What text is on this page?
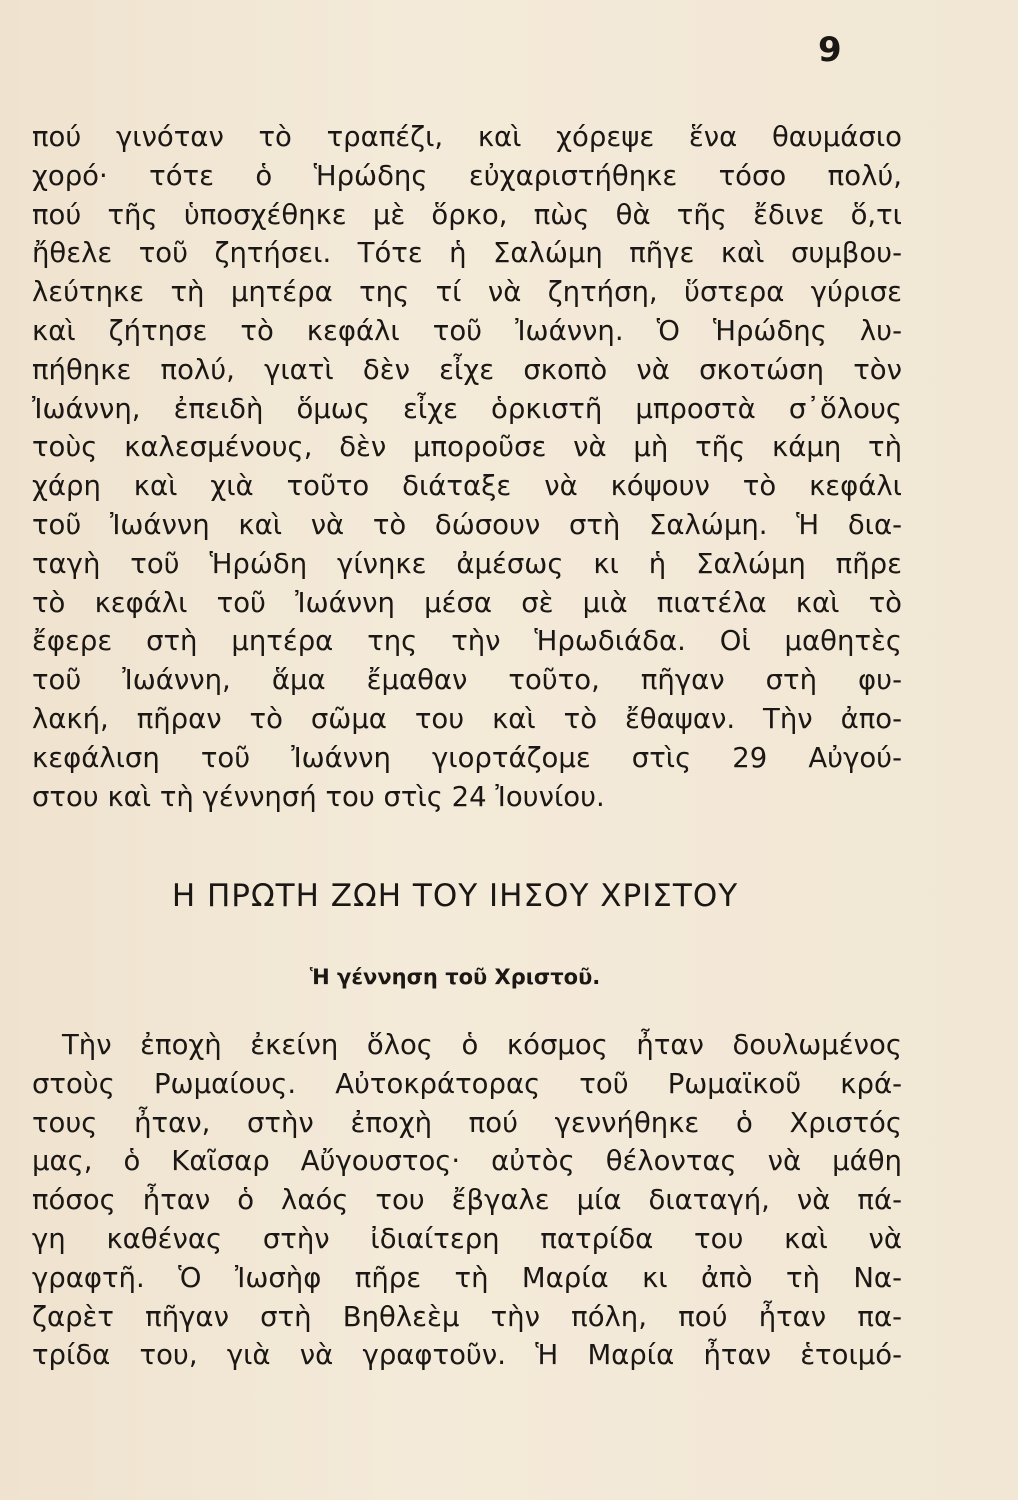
9
πού γινόταν τὸ τραπέζι, καὶ χόρεψε ἕνα θαυμάσιο
χορό· τότε ὁ Ἡρώδης εὐχαριστήθηκε τόσο πολύ,
πού τῆς ὑποσχέθηκε μὲ ὅρκο, πὼς θὰ τῆς ἔδινε ὅ,τι
ἤθελε τοῦ ζητήσει. Τότε ἡ Σαλώμη πῆγε καὶ συμβου-
λεύτηκε τὴ μητέρα της τί νὰ ζητήση, ὕστερα γύρισε
καὶ ζήτησε τὸ κεφάλι τοῦ Ἰωάννη. Ὁ Ἡρώδης λυ-
πήθηκε πολύ, γιατὶ δὲν εἶχε σκοπὸ νὰ σκοτώση τὸν
Ἰωάννη, ἐπειδὴ ὅμως εἶχε ὁρκιστῆ μπροστὰ σ᾿ὅλους
τοὺς καλεσμένους, δὲν μποροῦσε νὰ μὴ τῆς κάμη τὴ
χάρη καὶ χιὰ τοῦτο διάταξε νὰ κόψουν τὸ κεφάλι
τοῦ Ἰωάννη καὶ νὰ τὸ δώσουν στὴ Σαλώμη. Ἡ δια-
ταγὴ τοῦ Ἡρώδη γίνηκε ἀμέσως κι ἡ Σαλώμη πῆρε
τὸ κεφάλι τοῦ Ἰωάννη μέσα σὲ μιὰ πιατέλα καὶ τὸ
ἔφερε στὴ μητέρα της τὴν Ἡρωδιάδα. Οἱ μαθητὲς
τοῦ Ἰωάννη, ἅμα ἔμαθαν τοῦτο, πῆγαν στὴ φυ-
λακή, πῆραν τὸ σῶμα του καὶ τὸ ἔθαψαν. Τὴν ἀπο-
κεφάλιση τοῦ Ἰωάννη γιορτάζομε στὶς 29 Αὐγού-
στου καὶ τὴ γέννησή του στὶς 24 Ἰουνίου.
Η ΠΡΩΤΗ ΖΩΗ ΤΟΥ ΙΗΣΟΥ ΧΡΙΣΤΟΥ
Ἡ γέννηση τοῦ Χριστοῦ.
Τὴν ἐποχὴ ἐκείνη ὅλος ὁ κόσμος ἦταν δουλωμένος
στοὺς Ρωμαίους. Αὐτοκράτορας τοῦ Ρωμαϊκοῦ κρά-
τους ἦταν, στὴν ἐποχὴ πού γεννήθηκε ὁ Χριστός
μας, ὁ Καῖσαρ Αὔγουστος· αὐτὸς θέλοντας νὰ μάθη
πόσος ἦταν ὁ λαός του ἔβγαλε μία διαταγή, νὰ πά-
γη καθένας στὴν ἰδιαίτερη πατρίδα του καὶ νὰ
γραφτῆ. Ὁ Ἰωσὴφ πῆρε τὴ Μαρία κι ἀπὸ τὴ Να-
ζαρὲτ πῆγαν στὴ Βηθλεὲμ τὴν πόλη, πού ἦταν πα-
τρίδα του, γιὰ νὰ γραφτοῦν. Ἡ Μαρία ἦταν ἑτοιμό-
